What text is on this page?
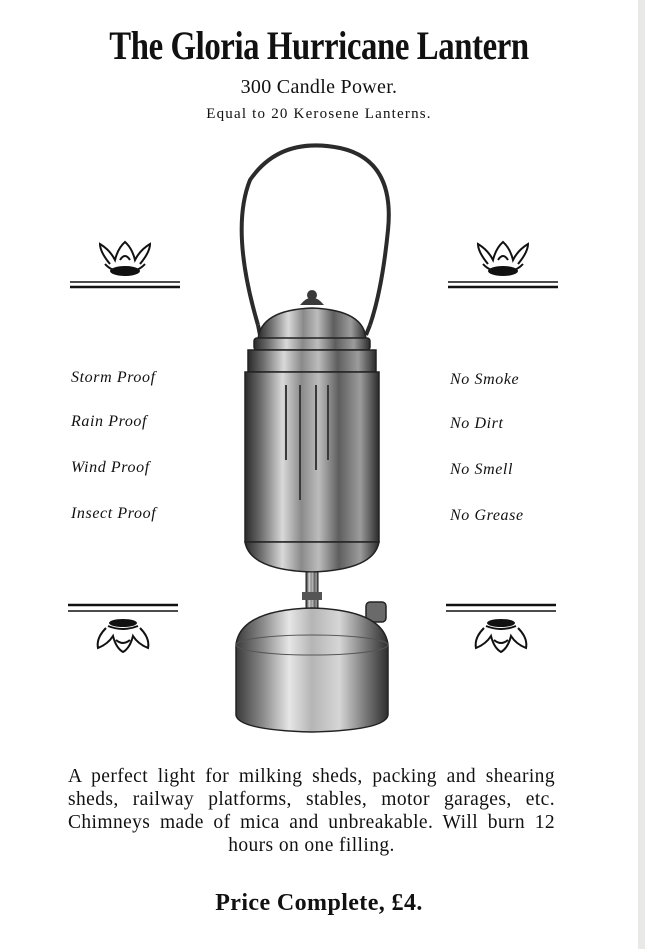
The Gloria Hurricane Lantern
300 Candle Power.
Equal to 20 Kerosene Lanterns.
Storm Proof
Rain Proof
Wind Proof
Insect Proof
No Smoke
No Dirt
No Smell
No Grease
A perfect light for milking sheds, packing and shearing sheds, railway platforms, stables, motor garages, etc. Chimneys made of mica and unbreakable. Will burn 12 hours on one filling.
Price Complete, £4.
